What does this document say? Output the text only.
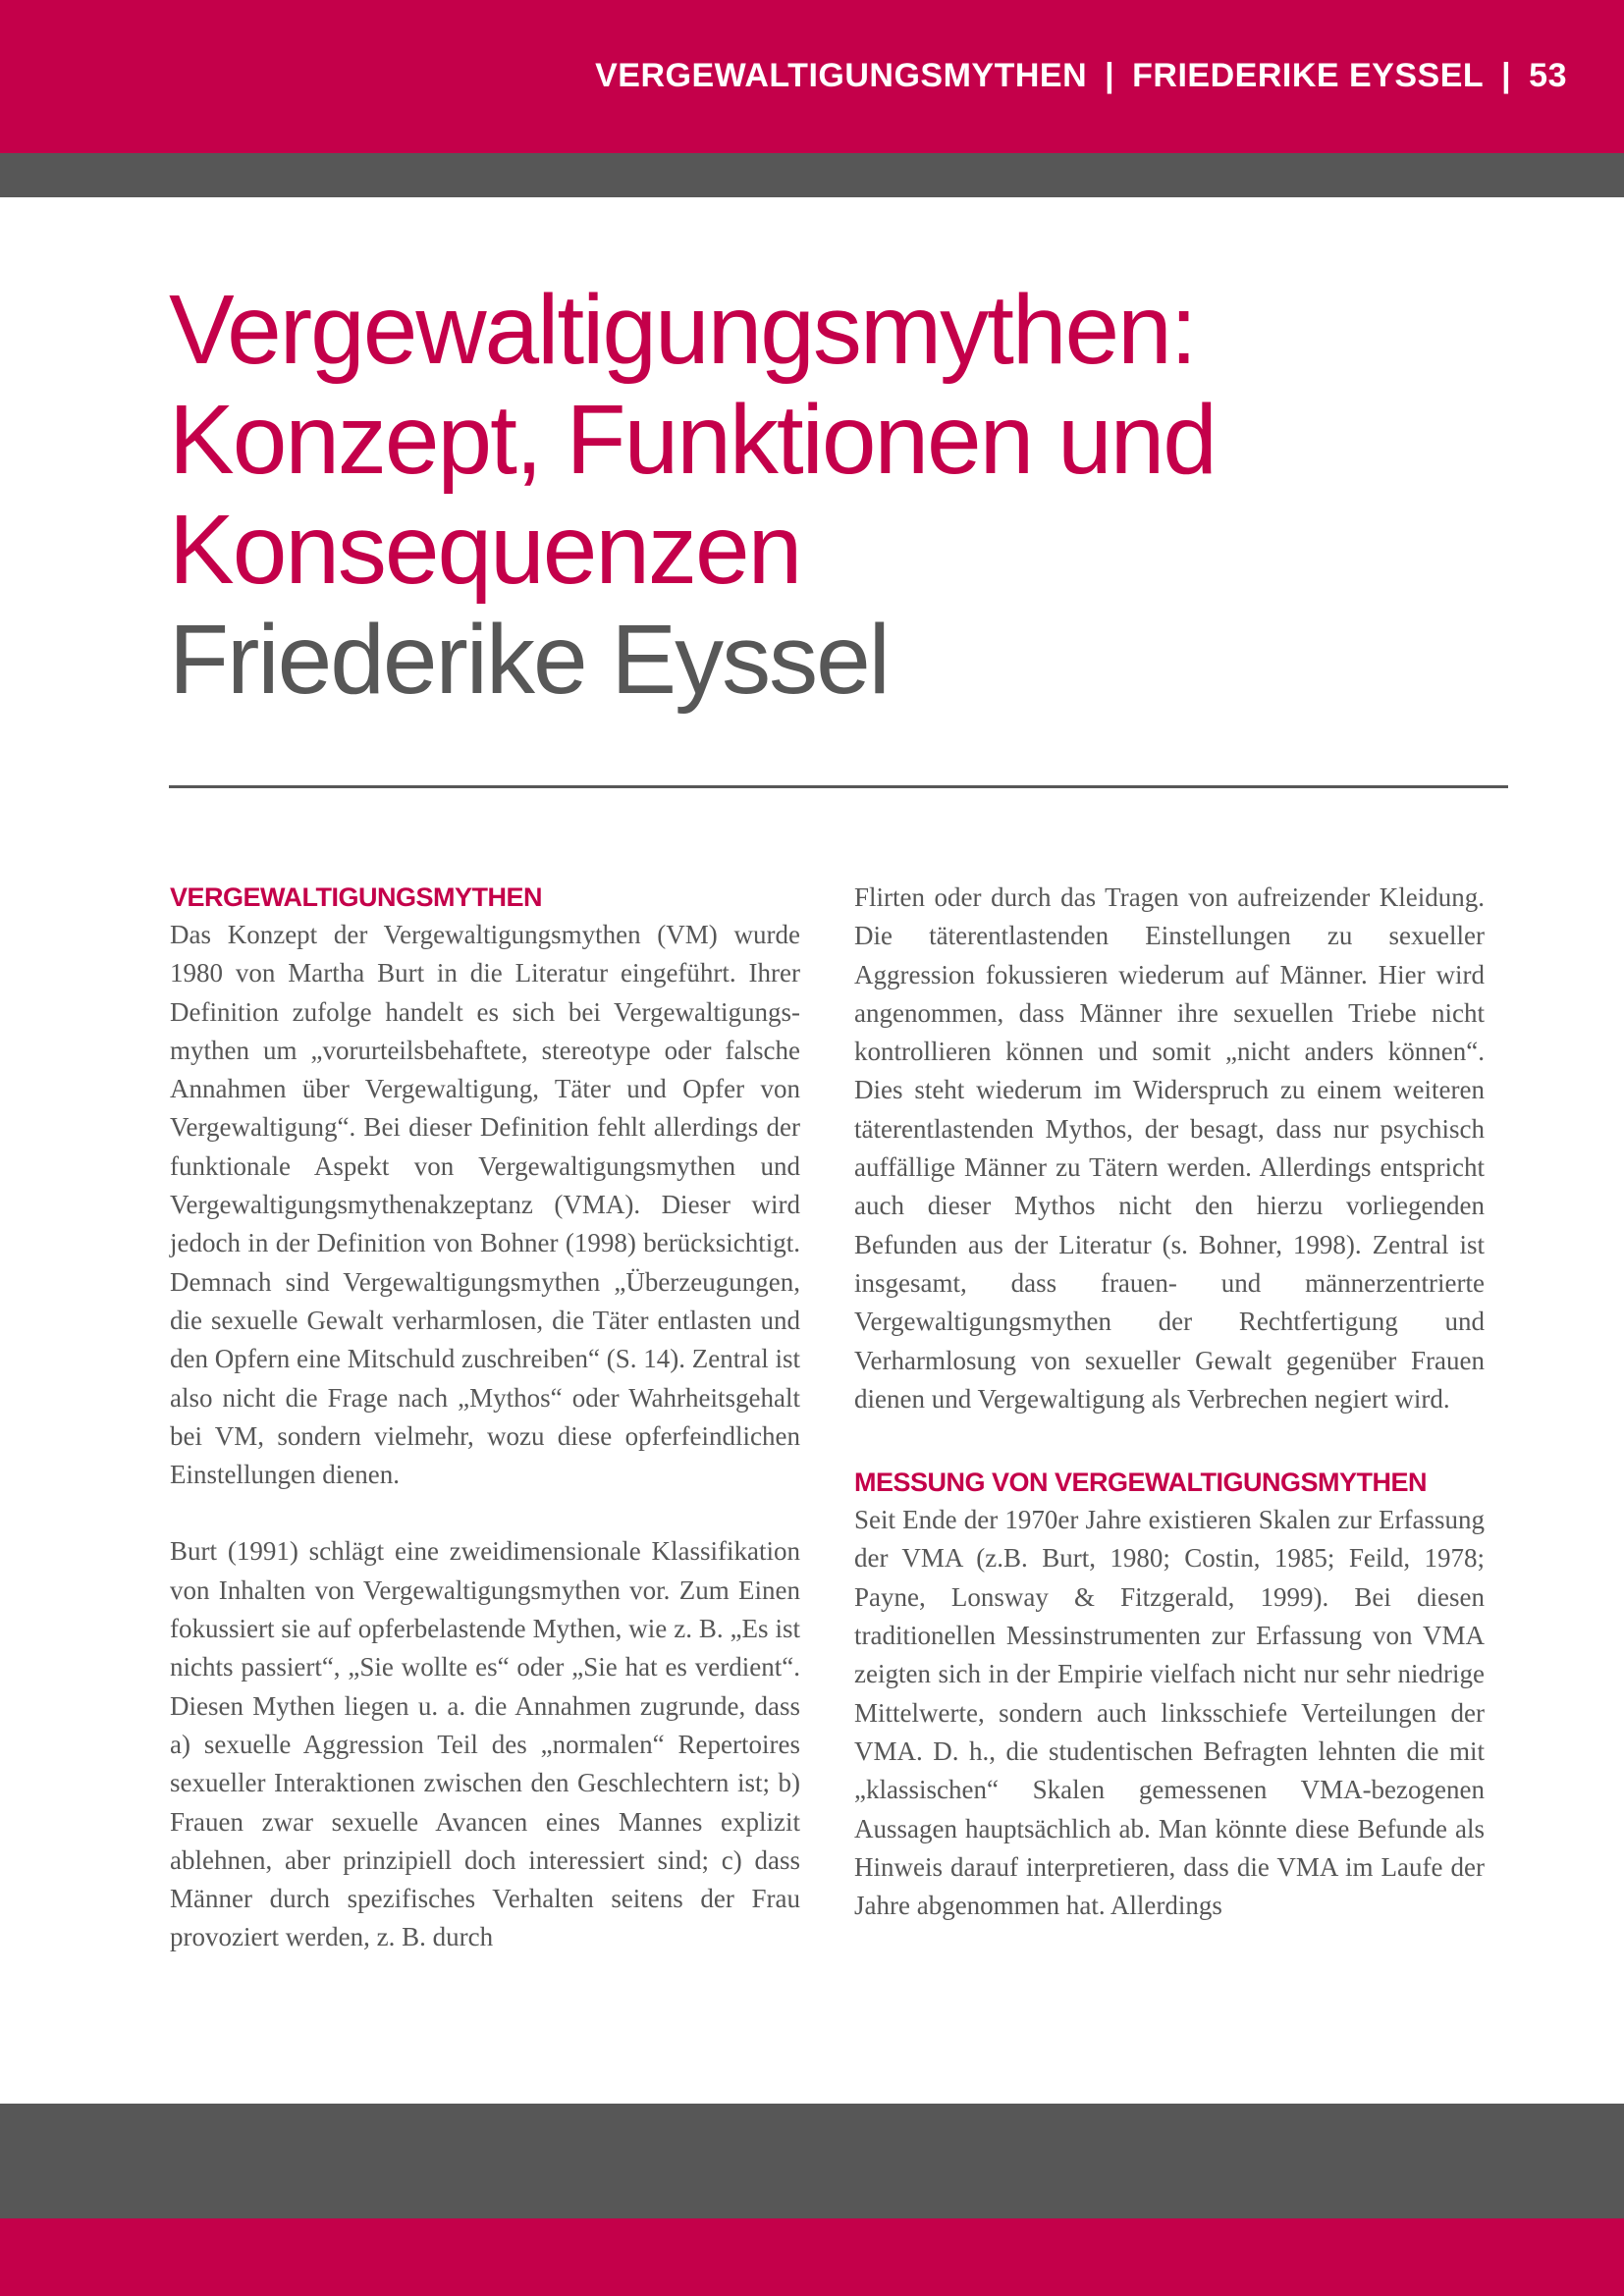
VERGEWALTIGUNGSMYTHEN | FRIEDERIKE EYSSEL | 53
Vergewaltigungsmythen:
Konzept, Funktionen und
Konsequenzen
Friederike Eyssel
VERGEWALTIGUNGSMYTHEN

Das Konzept der Vergewaltigungsmythen (VM) wurde 1980 von Martha Burt in die Literatur eingeführt. Ihrer Definition zufolge handelt es sich bei Vergewaltigungsmythen um „vorurteilsbehaftete, stereotype oder falsche Annahmen über Vergewaltigung, Täter und Opfer von Vergewaltigung“. Bei dieser Definition fehlt allerdings der funktionale Aspekt von Vergewaltigungsmythen und Vergewaltigungsmythenakzeptanz (VMA). Dieser wird jedoch in der Definition von Bohner (1998) berücksichtigt. Demnach sind Vergewaltigungsmythen „Überzeugungen, die sexuelle Gewalt verharmlosen, die Täter entlasten und den Opfern eine Mitschuld zuschreiben“ (S. 14). Zentral ist also nicht die Frage nach „Mythos“ oder Wahrheitsgehalt bei VM, sondern vielmehr, wozu diese opferfeindlichen Einstellungen dienen.

Burt (1991) schlägt eine zweidimensionale Klassifikation von Inhalten von Vergewaltigungsmythen vor. Zum Einen fokussiert sie auf opferbelastende Mythen, wie z. B. „Es ist nichts passiert“, „Sie wollte es“ oder „Sie hat es verdient“. Diesen Mythen liegen u. a. die Annahmen zugrunde, dass a) sexuelle Aggression Teil des „normalen“ Repertoires sexueller Interaktionen zwischen den Geschlechtern ist; b) Frauen zwar sexuelle Avancen eines Mannes explizit ablehnen, aber prinzipiell doch interessiert sind; c) dass Männer durch spezifisches Verhalten seitens der Frau provoziert werden, z. B. durch

Flirten oder durch das Tragen von aufreizender Kleidung. Die täterentlastenden Einstellungen zu sexueller Aggression fokussieren wiederum auf Männer. Hier wird angenommen, dass Männer ihre sexuellen Triebe nicht kontrollieren können und somit „nicht anders können“. Dies steht wiederum im Widerspruch zu einem weiteren täterentlastenden Mythos, der besagt, dass nur psychisch auffällige Männer zu Tätern werden. Allerdings entspricht auch dieser Mythos nicht den hierzu vorliegenden Befunden aus der Literatur (s. Bohner, 1998). Zentral ist insgesamt, dass frauen- und männerzentrierte Vergewaltigungsmythen der Rechtfertigung und Verharmlosung von sexueller Gewalt gegenüber Frauen dienen und Vergewaltigung als Verbrechen negiert wird.

MESSUNG VON VERGEWALTIGUNGSMYTHEN

Seit Ende der 1970er Jahre existieren Skalen zur Erfassung der VMA (z.B. Burt, 1980; Costin, 1985; Feild, 1978; Payne, Lonsway & Fitzgerald, 1999). Bei diesen traditionellen Messinstrumenten zur Erfassung von VMA zeigten sich in der Empirie vielfach nicht nur sehr niedrige Mittelwerte, sondern auch linksschiefe Verteilungen der VMA. D. h., die studentischen Befragten lehnten die mit „klassischen“ Skalen gemessenen VMA-bezogenen Aussagen hauptsächlich ab. Man könnte diese Befunde als Hinweis darauf interpretieren, dass die VMA im Laufe der Jahre abgenommen hat. Allerdings
